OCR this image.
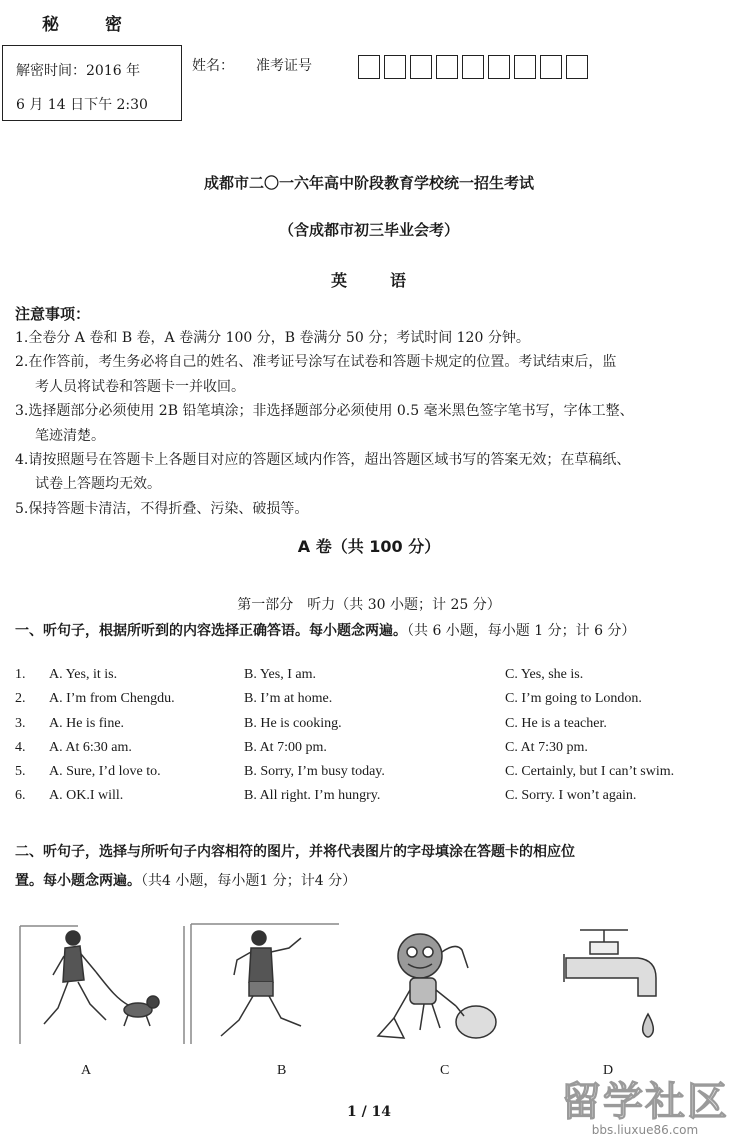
秘	密
解密时间：2016 年
6 月 14 日下午 2:30
姓名： 准考证号
成都市二〇一六年高中阶段教育学校统一招生考试
（含成都市初三毕业会考）
英	语
注意事项：
1.全卷分 A 卷和 B 卷，A 卷满分 100 分，B 卷满分 50 分；考试时间 120 分钟。
2.在作答前，考生务必将自己的姓名、准考证号涂写在试卷和答题卡规定的位置。考试结束后，监
考人员将试卷和答题卡一并收回。
3.选择题部分必须使用 2B 铅笔填涂；非选择题部分必须使用 0.5 毫米黑色签字笔书写，字体工整、
笔迹清楚。
4.请按照题号在答题卡上各题目对应的答题区域内作答，超出答题区域书写的答案无效；在草稿纸、
试卷上答题均无效。
5.保持答题卡清洁，不得折叠、污染、破损等。
A 卷（共 100 分）
第一部分　听力（共 30 小题；计 25 分）
一、听句子，根据所听到的内容选择正确答语。每小题念两遍。（共 6 小题，每小题 1 分；计 6 分）
1. A. Yes, it is.	B. Yes, I am.	C. Yes, she is.
2. A. I’m from Chengdu.	B. I’m at home.	C. I’m going to London.
3. A. He is fine.	B. He is cooking.	C. He is a teacher.
4. A. At 6:30 am.	B. At 7:00 pm.	C. At 7:30 pm.
5. A. Sure, I’d love to.	B. Sorry, I’m busy today.	C. Certainly, but I can’t swim.
6. A. OK.I will.	B. All right. I’m hungry.	C. Sorry. I won’t again.
二、听句子，选择与所听句子内容相符的图片，并将代表图片的字母填涂在答题卡的相应位置。每小题念两遍。（共4 小题，每小题1 分；计4 分）
A	B	C	D
1 / 14	留学社区
bbs.liuxue86.com
